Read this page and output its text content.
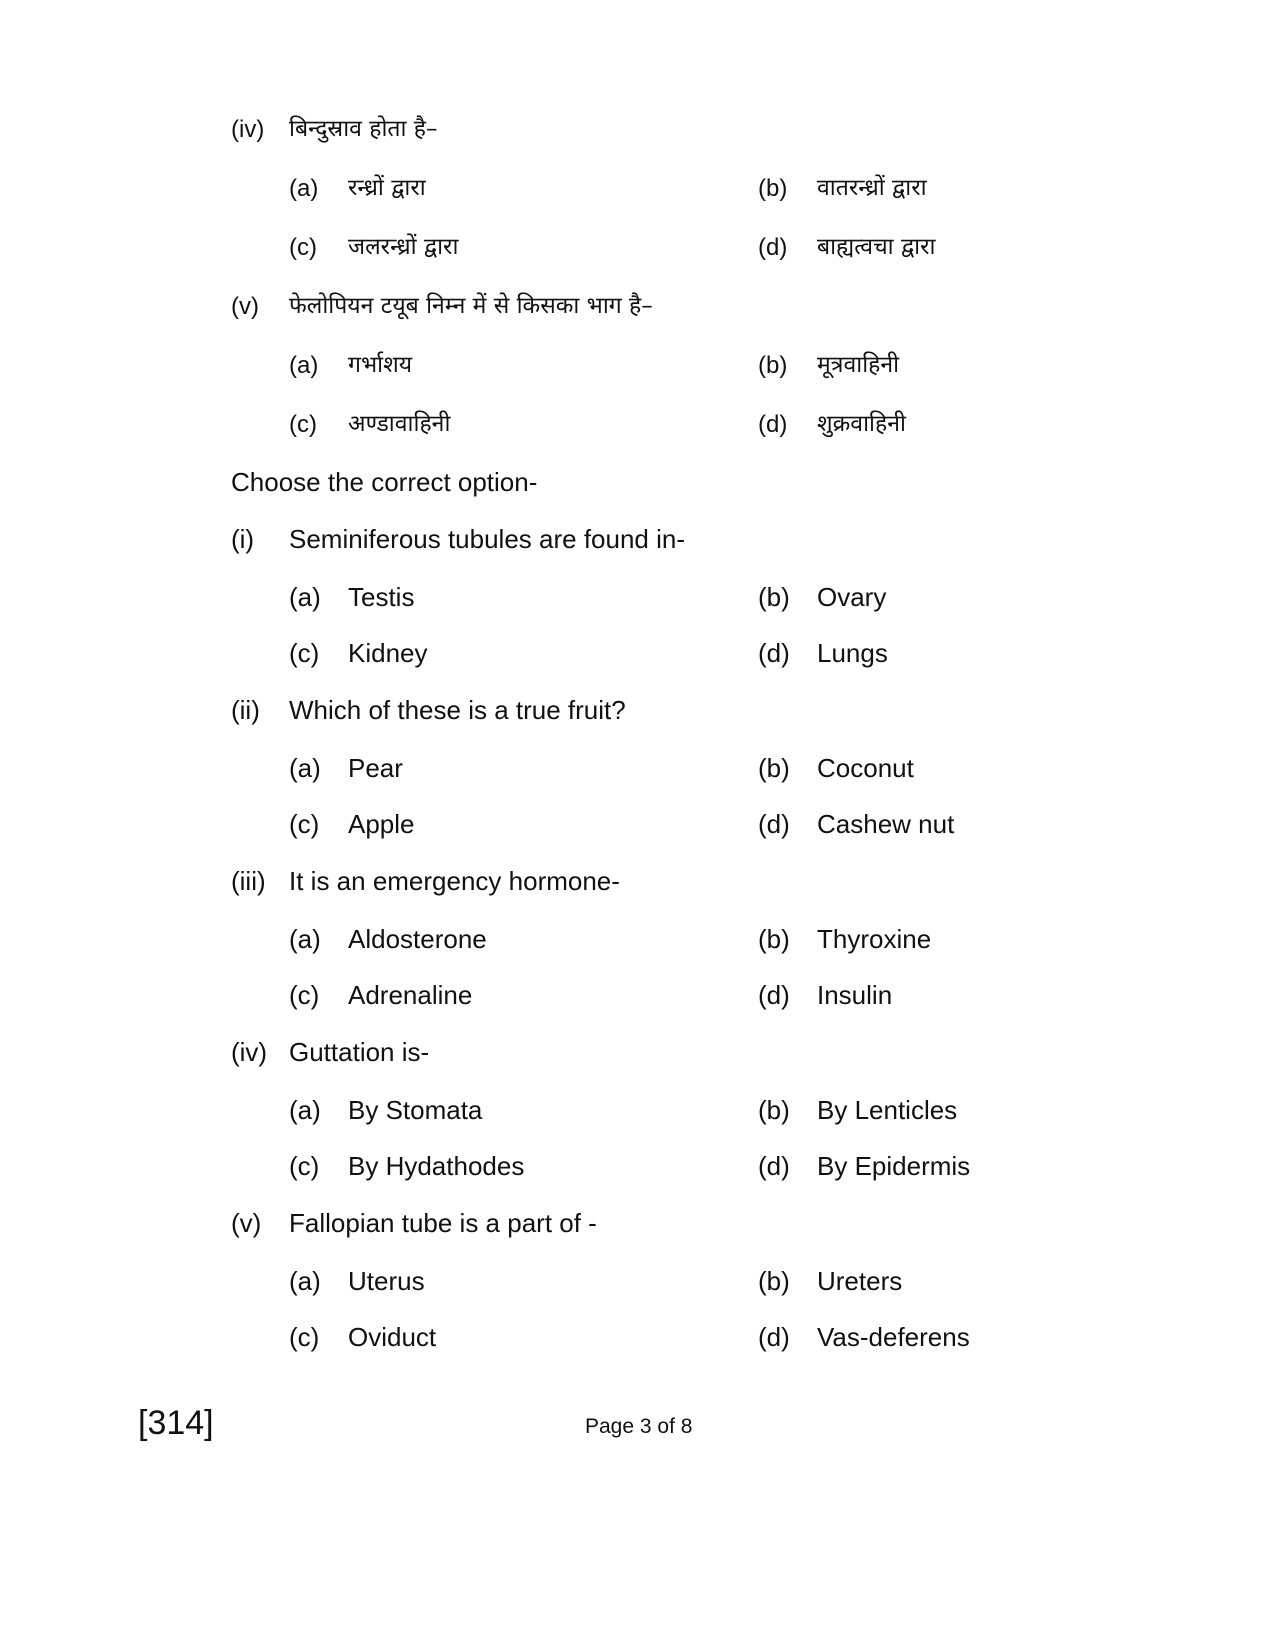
(iv) बिन्दुस्राव होता है–
(a) रन्ध्रों द्वारा	(b) वातरन्ध्रों द्वारा
(c) जलरन्ध्रों द्वारा	(d) बाह्यत्वचा द्वारा
(v) फेलोपियन टयूब निम्न में से किसका भाग है–
(a) गर्भाशय	(b) मूत्रवाहिनी
(c) अण्डावाहिनी	(d) शुक्रवाहिनी
Choose the correct option-
(i) Seminiferous tubules are found in-
(a) Testis	(b) Ovary
(c) Kidney	(d) Lungs
(ii) Which of these is a true fruit?
(a) Pear	(b) Coconut
(c) Apple	(d) Cashew nut
(iii) It is an emergency hormone-
(a) Aldosterone	(b) Thyroxine
(c) Adrenaline	(d) Insulin
(iv) Guttation is-
(a) By Stomata	(b) By Lenticles
(c) By Hydathodes	(d) By Epidermis
(v) Fallopian tube is a part of -
(a) Uterus	(b) Ureters
(c) Oviduct	(d) Vas-deferens
[314]	Page 3 of 8
